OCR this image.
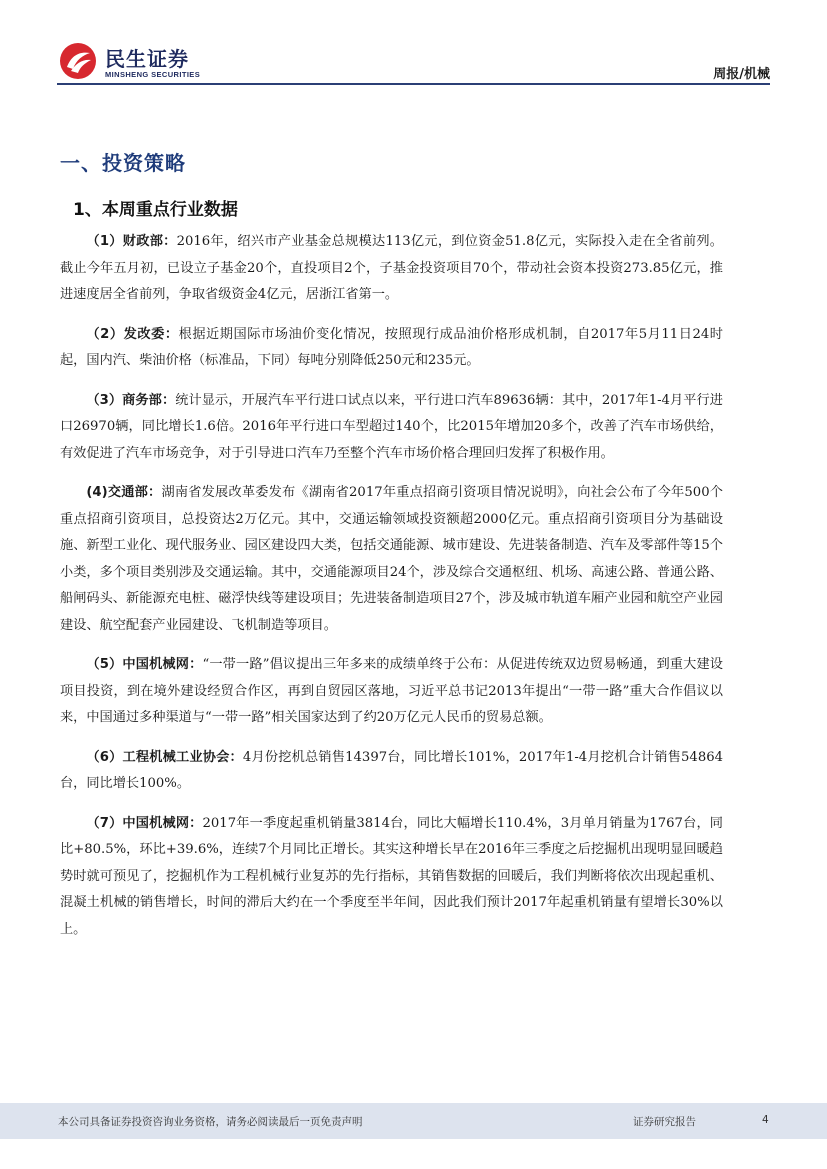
民生证券
MINSHENG SECURITIES	周报/机械
一、投资策略
1、本周重点行业数据

（1）财政部：2016年，绍兴市产业基金总规模达113亿元，到位资金51.8亿元，实际投入走在全省前列。截止今年五月初，已设立子基金20个，直投项目2个，子基金投资项目70个，带动社会资本投资273.85亿元，推进速度居全省前列，争取省级资金4亿元，居浙江省第一。

（2）发改委：根据近期国际市场油价变化情况，按照现行成品油价格形成机制，自2017年5月11日24时起，国内汽、柴油价格（标准品，下同）每吨分别降低250元和235元。

（3）商务部：统计显示，开展汽车平行进口试点以来，平行进口汽车89636辆：其中，2017年1-4月平行进口26970辆，同比增长1.6倍。2016年平行进口车型超过140个，比2015年增加20多个，改善了汽车市场供给，有效促进了汽车市场竞争，对于引导进口汽车乃至整个汽车市场价格合理回归发挥了积极作用。

(4)交通部：湖南省发展改革委发布《湖南省2017年重点招商引资项目情况说明》，向社会公布了今年500个重点招商引资项目，总投资达2万亿元。其中，交通运输领域投资额超2000亿元。重点招商引资项目分为基础设施、新型工业化、现代服务业、园区建设四大类，包括交通能源、城市建设、先进装备制造、汽车及零部件等15个小类，多个项目类别涉及交通运输。其中，交通能源项目24个，涉及综合交通枢纽、机场、高速公路、普通公路、船闸码头、新能源充电桩、磁浮快线等建设项目；先进装备制造项目27个，涉及城市轨道车厢产业园和航空产业园建设、航空配套产业园建设、飞机制造等项目。

（5）中国机械网：“一带一路”倡议提出三年多来的成绩单终于公布：从促进传统双边贸易畅通，到重大建设项目投资，到在境外建设经贸合作区，再到自贸园区落地，习近平总书记2013年提出“一带一路”重大合作倡议以来，中国通过多种渠道与“一带一路”相关国家达到了约20万亿元人民币的贸易总额。

（6）工程机械工业协会：4月份挖机总销售14397台，同比增长101%，2017年1-4月挖机合计销售54864台，同比增长100%。

（7）中国机械网：2017年一季度起重机销量3814台，同比大幅增长110.4%，3月单月销量为1767台，同比+80.5%，环比+39.6%，连续7个月同比正增长。其实这种增长早在2016年三季度之后挖掘机出现明显回暖趋势时就可预见了，挖掘机作为工程机械行业复苏的先行指标，其销售数据的回暖后，我们判断将依次出现起重机、混凝土机械的销售增长，时间的滞后大约在一个季度至半年间，因此我们预计2017年起重机销量有望增长30%以上。

本公司具备证券投资咨询业务资格，请务必阅读最后一页免责声明	证券研究报告	4
